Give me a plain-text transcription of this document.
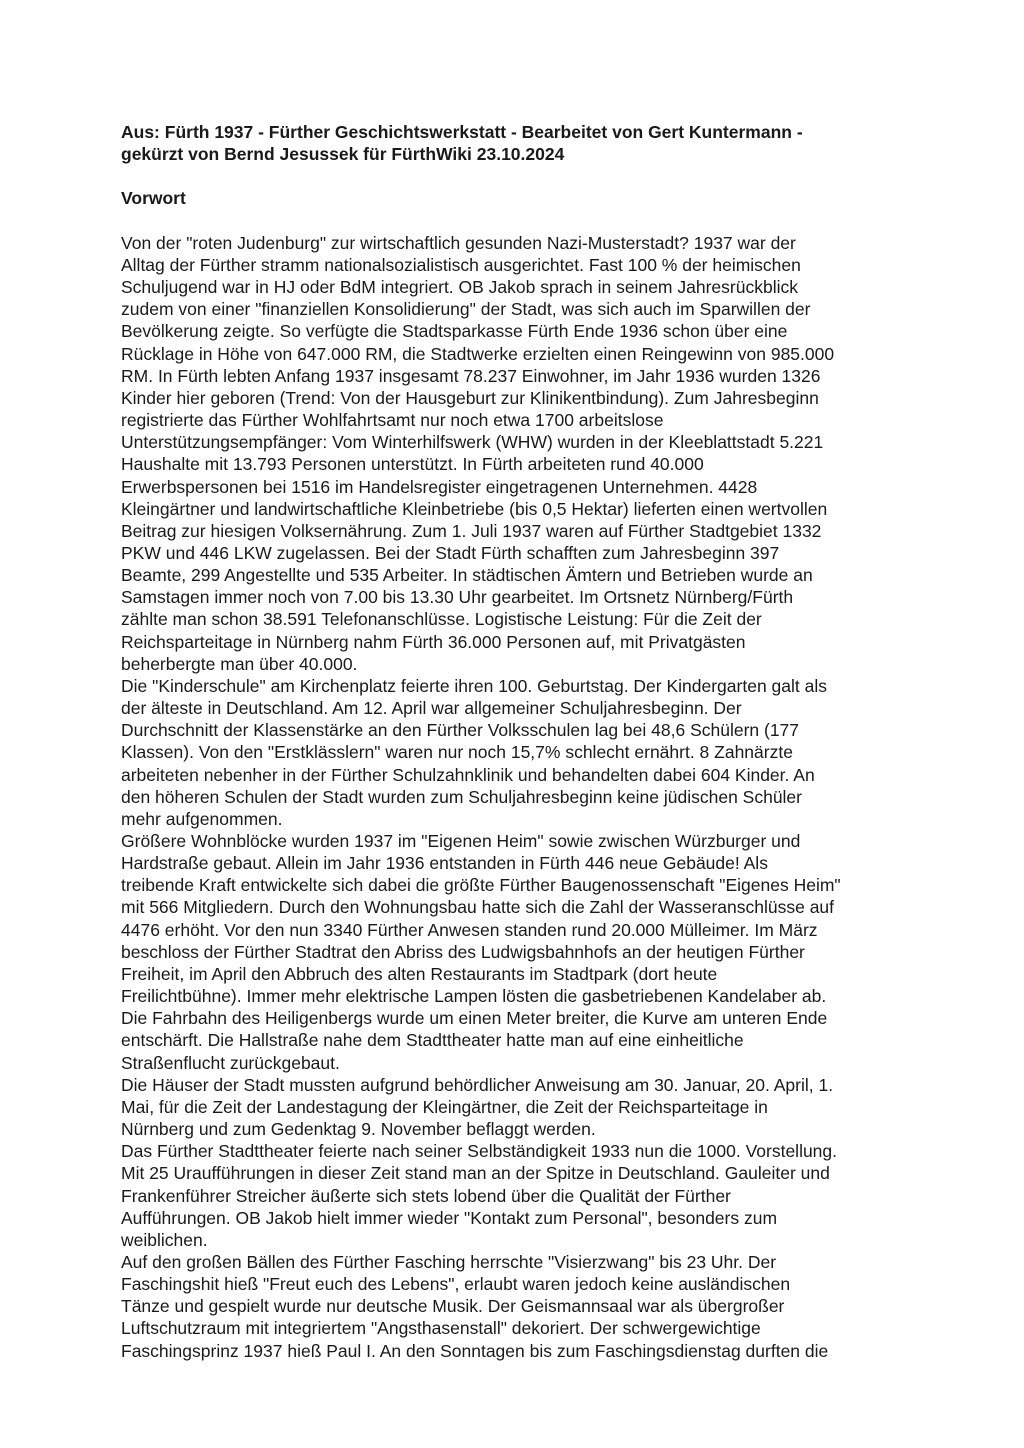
Aus: Fürth 1937 - Fürther Geschichtswerkstatt - Bearbeitet von Gert Kuntermann -
gekürzt von Bernd Jesussek für FürthWiki 23.10.2024
Vorwort
Von der "roten Judenburg" zur wirtschaftlich gesunden Nazi-Musterstadt? 1937 war der
Alltag der Fürther stramm nationalsozialistisch ausgerichtet. Fast 100 % der heimischen
Schuljugend war in HJ oder BdM integriert. OB Jakob sprach in seinem Jahresrückblick
zudem von einer "finanziellen Konsolidierung" der Stadt, was sich auch im Sparwillen der
Bevölkerung zeigte. So verfügte die Stadtsparkasse Fürth Ende 1936 schon über eine
Rücklage in Höhe von 647.000 RM, die Stadtwerke erzielten einen Reingewinn von 985.000
RM. In Fürth lebten Anfang 1937 insgesamt 78.237 Einwohner, im Jahr 1936 wurden 1326
Kinder hier geboren (Trend: Von der Hausgeburt zur Klinikentbindung). Zum Jahresbeginn
registrierte das Fürther Wohlfahrtsamt nur noch etwa 1700 arbeitslose
Unterstützungsempfänger: Vom Winterhilfswerk (WHW) wurden in der Kleeblattstadt 5.221
Haushalte mit 13.793 Personen unterstützt. In Fürth arbeiteten rund 40.000
Erwerbspersonen bei 1516 im Handelsregister eingetragenen Unternehmen. 4428
Kleingärtner und landwirtschaftliche Kleinbetriebe (bis 0,5 Hektar) lieferten einen wertvollen
Beitrag zur hiesigen Volksernährung. Zum 1. Juli 1937 waren auf Fürther Stadtgebiet 1332
PKW und 446 LKW zugelassen. Bei der Stadt Fürth schafften zum Jahresbeginn 397
Beamte, 299 Angestellte und 535 Arbeiter. In städtischen Ämtern und Betrieben wurde an
Samstagen immer noch von 7.00 bis 13.30 Uhr gearbeitet. Im Ortsnetz Nürnberg/Fürth
zählte man schon 38.591 Telefonanschlüsse. Logistische Leistung: Für die Zeit der
Reichsparteitage in Nürnberg nahm Fürth 36.000 Personen auf, mit Privatgästen
beherbergte man über 40.000.
Die "Kinderschule" am Kirchenplatz feierte ihren 100. Geburtstag. Der Kindergarten galt als
der älteste in Deutschland. Am 12. April war allgemeiner Schuljahresbeginn. Der
Durchschnitt der Klassenstärke an den Fürther Volksschulen lag bei 48,6 Schülern (177
Klassen). Von den "Erstklässlern" waren nur noch 15,7% schlecht ernährt. 8 Zahnärzte
arbeiteten nebenher in der Fürther Schulzahnklinik und behandelten dabei 604 Kinder. An
den höheren Schulen der Stadt wurden zum Schuljahresbeginn keine jüdischen Schüler
mehr aufgenommen.
Größere Wohnblöcke wurden 1937 im "Eigenen Heim" sowie zwischen Würzburger und
Hardstraße gebaut. Allein im Jahr 1936 entstanden in Fürth 446 neue Gebäude! Als
treibende Kraft entwickelte sich dabei die größte Fürther Baugenossenschaft "Eigenes Heim"
mit 566 Mitgliedern. Durch den Wohnungsbau hatte sich die Zahl der Wasseranschlüsse auf
4476 erhöht. Vor den nun 3340 Fürther Anwesen standen rund 20.000 Mülleimer. Im März
beschloss der Fürther Stadtrat den Abriss des Ludwigsbahnhofs an der heutigen Fürther
Freiheit, im April den Abbruch des alten Restaurants im Stadtpark (dort heute
Freilichtbühne). Immer mehr elektrische Lampen lösten die gasbetriebenen Kandelaber ab.
Die Fahrbahn des Heiligenbergs wurde um einen Meter breiter, die Kurve am unteren Ende
entschärft. Die Hallstraße nahe dem Stadttheater hatte man auf eine einheitliche
Straßenflucht zurückgebaut.
Die Häuser der Stadt mussten aufgrund behördlicher Anweisung am 30. Januar, 20. April, 1.
Mai, für die Zeit der Landestagung der Kleingärtner, die Zeit der Reichsparteitage in
Nürnberg und zum Gedenktag 9. November beflaggt werden.
Das Fürther Stadttheater feierte nach seiner Selbständigkeit 1933 nun die 1000. Vorstellung.
Mit 25 Uraufführungen in dieser Zeit stand man an der Spitze in Deutschland. Gauleiter und
Frankenführer Streicher äußerte sich stets lobend über die Qualität der Fürther
Aufführungen. OB Jakob hielt immer wieder "Kontakt zum Personal", besonders zum
weiblichen.
Auf den großen Bällen des Fürther Fasching herrschte "Visierzwang" bis 23 Uhr. Der
Faschingshit hieß "Freut euch des Lebens", erlaubt waren jedoch keine ausländischen
Tänze und gespielt wurde nur deutsche Musik. Der Geismannsaal war als übergroßer
Luftschutzraum mit integriertem "Angsthasenstall" dekoriert. Der schwergewichtige
Faschingsprinz 1937 hieß Paul I. An den Sonntagen bis zum Faschingsdienstag durften die
